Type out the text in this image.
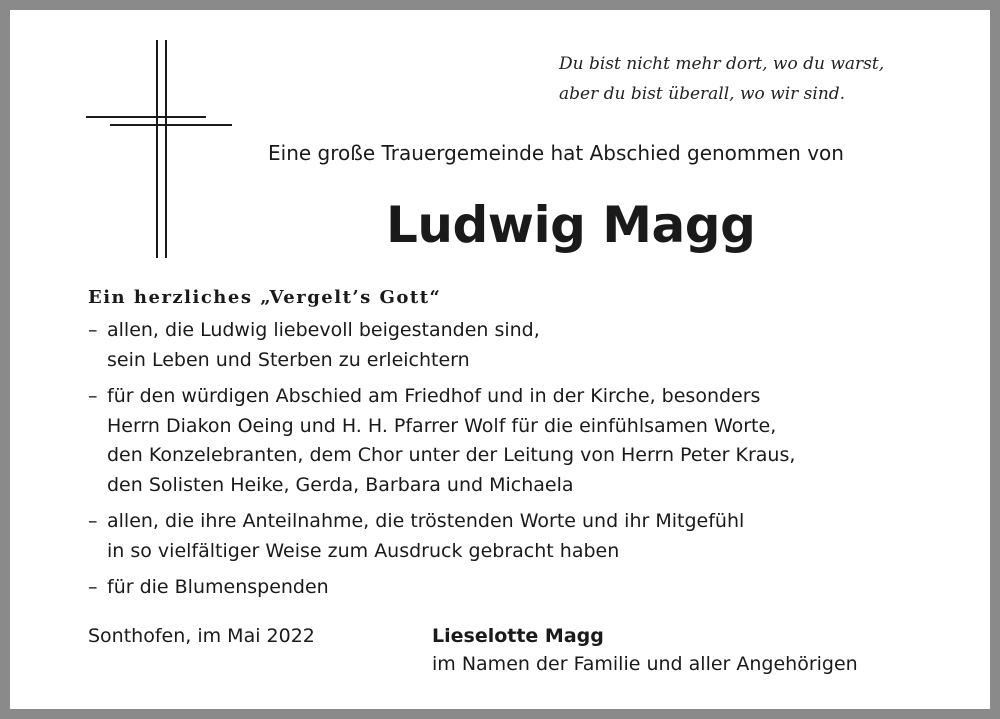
Du bist nicht mehr dort, wo du warst,
aber du bist überall, wo wir sind.
Eine große Trauergemeinde hat Abschied genommen von
Ludwig Magg
Ein herzliches „Vergelt’s Gott“
– allen, die Ludwig liebevoll beigestanden sind,
sein Leben und Sterben zu erleichtern
– für den würdigen Abschied am Friedhof und in der Kirche, besonders
Herrn Diakon Oeing und H. H. Pfarrer Wolf für die einfühlsamen Worte,
den Konzelebranten, dem Chor unter der Leitung von Herrn Peter Kraus,
den Solisten Heike, Gerda, Barbara und Michaela
– allen, die ihre Anteilnahme, die tröstenden Worte und ihr Mitgefühl
in so vielfältiger Weise zum Ausdruck gebracht haben
– für die Blumenspenden
Sonthofen, im Mai 2022	Lieselotte Magg
im Namen der Familie und aller Angehörigen
